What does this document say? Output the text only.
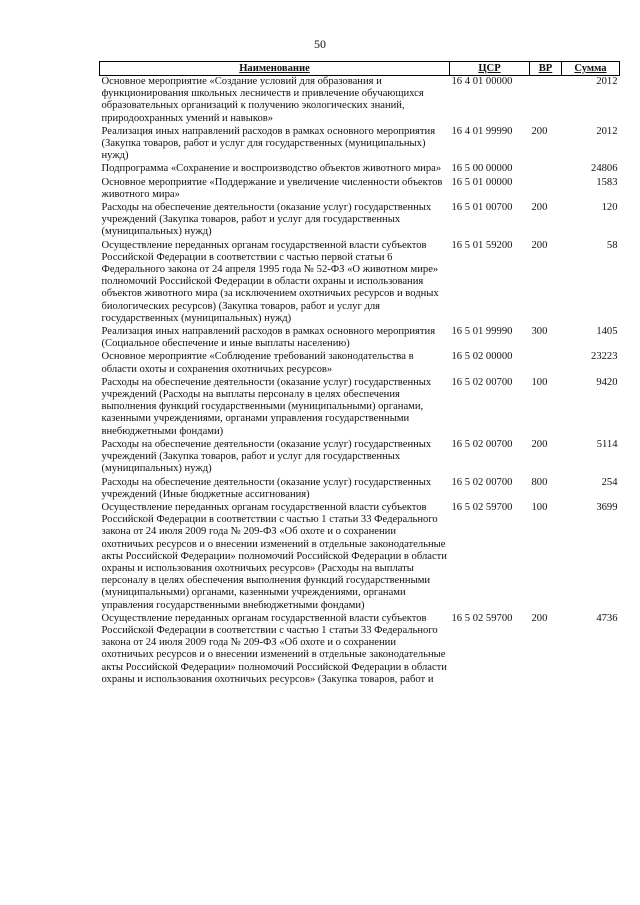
50
Наименование	ЦСР	ВР	Сумма
Основное мероприятие «Создание условий для образования и функционирования школьных лесничеств и привлечение обучающихся образовательных организаций к получению экологических знаний, природоохранных умений и навыков»	16 4 01 00000		2012
Реализация иных направлений расходов в рамках основного мероприятия (Закупка товаров, работ и услуг для государственных (муниципальных) нужд)	16 4 01 99990	200	2012
Подпрограмма «Сохранение и воспроизводство объектов животного мира»	16 5 00 00000		24806
Основное мероприятие «Поддержание и увеличение численности объектов животного мира»	16 5 01 00000		1583
Расходы на обеспечение деятельности (оказание услуг) государственных учреждений (Закупка товаров, работ и услуг для государственных (муниципальных) нужд)	16 5 01 00700	200	120
Осуществление переданных органам государственной власти субъектов Российской Федерации в соответствии с частью первой статьи 6 Федерального закона от 24 апреля 1995 года № 52-ФЗ «О животном мире» полномочий Российской Федерации в области охраны и использования объектов животного мира (за исключением охотничьих ресурсов и водных биологических ресурсов) (Закупка товаров, работ и услуг для государственных (муниципальных) нужд)	16 5 01 59200	200	58
Реализация иных направлений расходов в рамках основного мероприятия (Социальное обеспечение и иные выплаты населению)	16 5 01 99990	300	1405
Основное мероприятие «Соблюдение требований законодательства в области охоты и сохранения охотничьих ресурсов»	16 5 02 00000		23223
Расходы на обеспечение деятельности (оказание услуг) государственных учреждений (Расходы на выплаты персоналу в целях обеспечения выполнения функций государственными (муниципальными) органами, казенными учреждениями, органами управления государственными внебюджетными фондами)	16 5 02 00700	100	9420
Расходы на обеспечение деятельности (оказание услуг) государственных учреждений (Закупка товаров, работ и услуг для государственных (муниципальных) нужд)	16 5 02 00700	200	5114
Расходы на обеспечение деятельности (оказание услуг) государственных учреждений (Иные бюджетные ассигнования)	16 5 02 00700	800	254
Осуществление переданных органам государственной власти субъектов Российской Федерации в соответствии с частью 1 статьи 33 Федерального закона от 24 июля 2009 года № 209-ФЗ «Об охоте и о сохранении охотничьих ресурсов и о внесении изменений в отдельные законодательные акты Российской Федерации» полномочий Российской Федерации в области охраны и использования охотничьих ресурсов» (Расходы на выплаты персоналу в целях обеспечения выполнения функций государственными (муниципальными) органами, казенными учреждениями, органами управления государственными внебюджетными фондами)	16 5 02 59700	100	3699
Осуществление переданных органам государственной власти субъектов Российской Федерации в соответствии с частью 1 статьи 33 Федерального закона от 24 июля 2009 года № 209-ФЗ «Об охоте и о сохранении охотничьих ресурсов и о внесении изменений в отдельные законодательные акты Российской Федерации» полномочий Российской Федерации в области охраны и использования охотничьих ресурсов» (Закупка товаров, работ и	16 5 02 59700	200	4736
